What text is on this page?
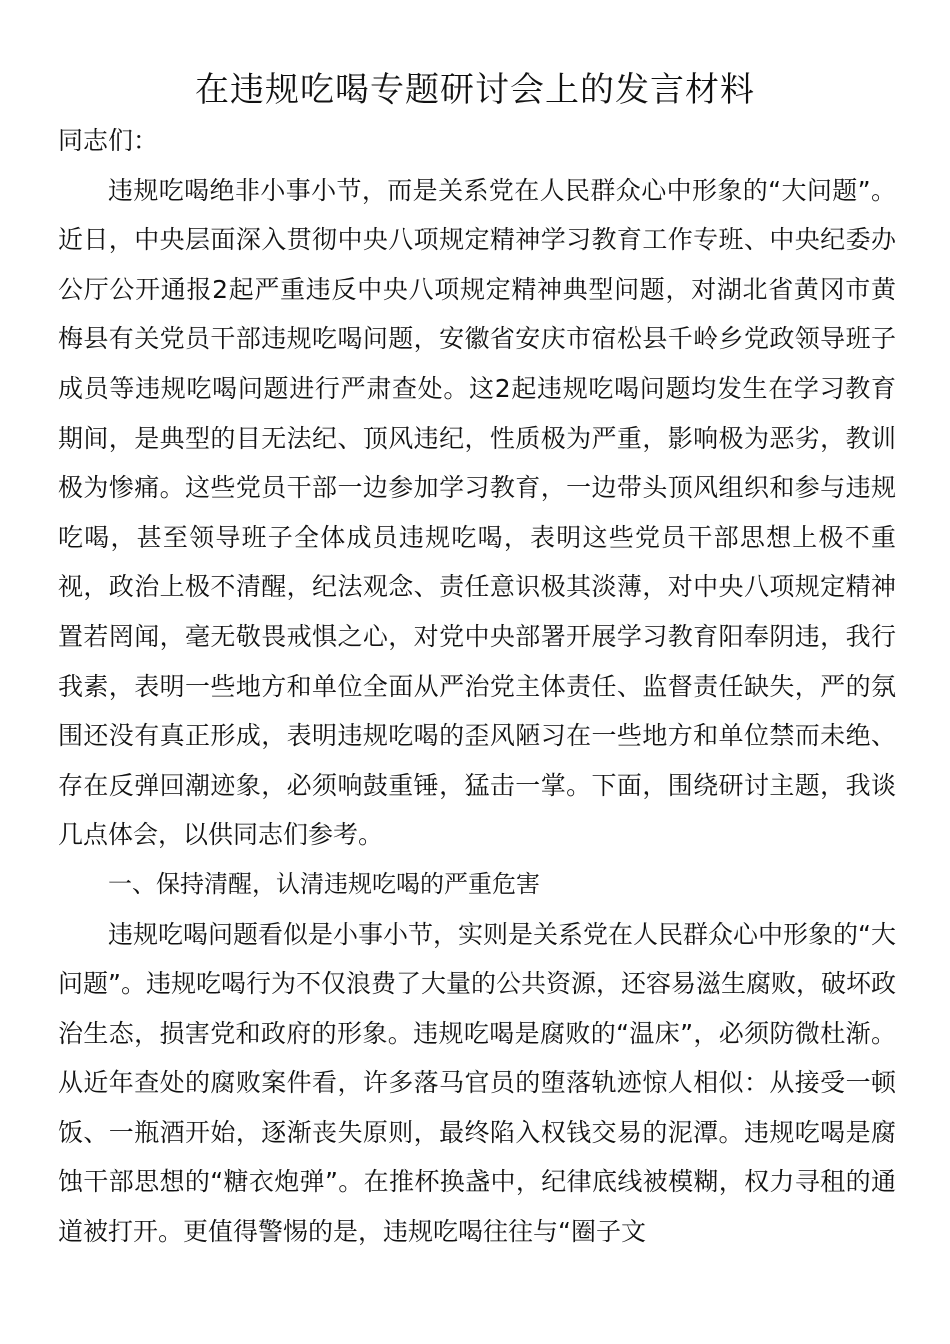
在违规吃喝专题研讨会上的发言材料

同志们：

违规吃喝绝非小事小节，而是关系党在人民群众心中形象的“大问题”。近日，中央层面深入贯彻中央八项规定精神学习教育工作专班、中央纪委办公厅公开通报2起严重违反中央八项规定精神典型问题，对湖北省黄冈市黄梅县有关党员干部违规吃喝问题，安徽省安庆市宿松县千岭乡党政领导班子成员等违规吃喝问题进行严肃查处。这2起违规吃喝问题均发生在学习教育期间，是典型的目无法纪、顶风违纪，性质极为严重，影响极为恶劣，教训极为惨痛。这些党员干部一边参加学习教育，一边带头顶风组织和参与违规吃喝，甚至领导班子全体成员违规吃喝，表明这些党员干部思想上极不重视，政治上极不清醒，纪法观念、责任意识极其淡薄，对中央八项规定精神置若罔闻，毫无敬畏戒惧之心，对党中央部署开展学习教育阳奉阴违，我行我素，表明一些地方和单位全面从严治党主体责任、监督责任缺失，严的氛围还没有真正形成，表明违规吃喝的歪风陋习在一些地方和单位禁而未绝、存在反弹回潮迹象，必须响鼓重锤，猛击一掌。下面，围绕研讨主题，我谈几点体会，以供同志们参考。

一、保持清醒，认清违规吃喝的严重危害

违规吃喝问题看似是小事小节，实则是关系党在人民群众心中形象的“大问题”。违规吃喝行为不仅浪费了大量的公共资源，还容易滋生腐败，破坏政治生态，损害党和政府的形象。违规吃喝是腐败的“温床”，必须防微杜渐。从近年查处的腐败案件看，许多落马官员的堕落轨迹惊人相似：从接受一顿饭、一瓶酒开始，逐渐丧失原则，最终陷入权钱交易的泥潭。违规吃喝是腐蚀干部思想的“糖衣炮弹”。在推杯换盏中，纪律底线被模糊，权力寻租的通道被打开。更值得警惕的是，违规吃喝往往与“圈子文
